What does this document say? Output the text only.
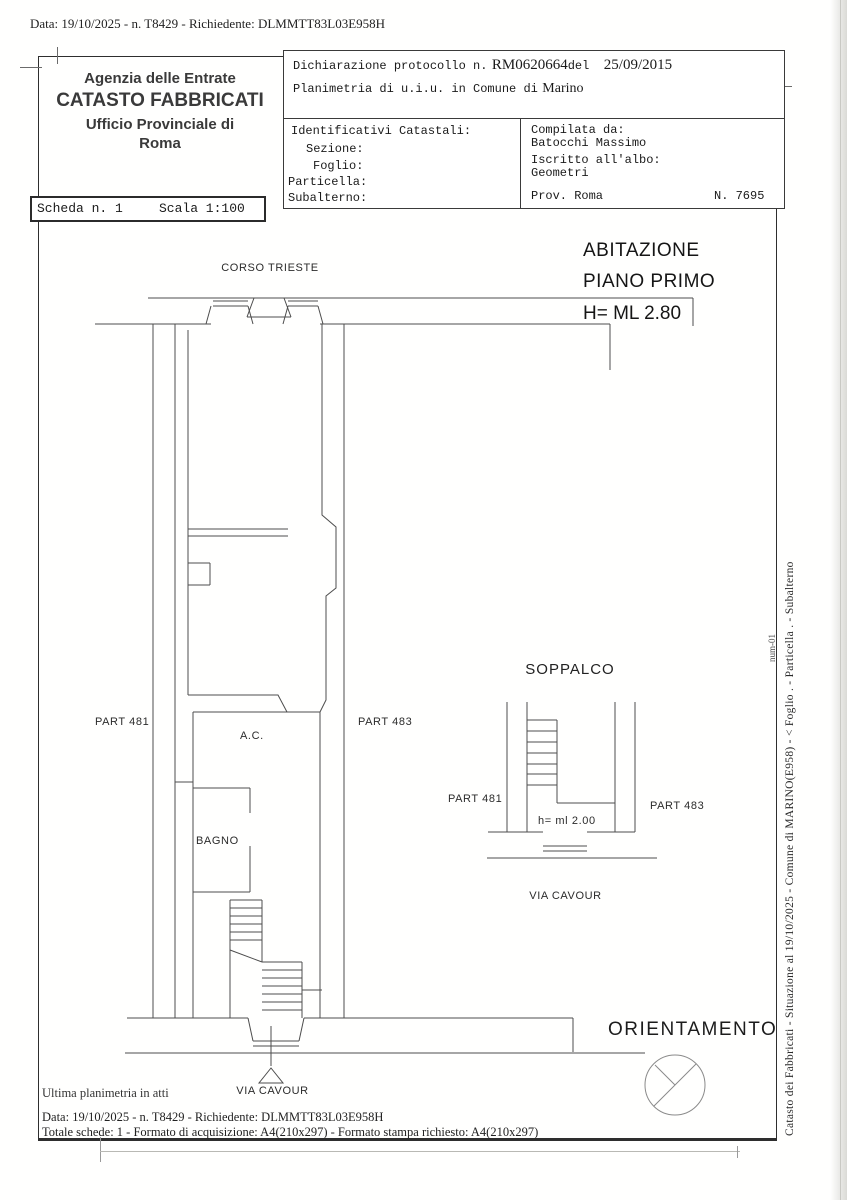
Data: 19/10/2025 - n. T8429 - Richiedente: DLMMTT83L03E958H
Agenzia delle Entrate
CATASTO FABBRICATI
Ufficio Provinciale di
Roma
Scheda n. 1	Scala 1:100
Dichiarazione protocollo n. RM0620664del 25/09/2015
Planimetria di u.i.u. in Comune di Marino
Identificativi Catastali:
Sezione:
Foglio:
Particella:
Subalterno:
Compilata da:
Batocchi Massimo
Iscritto all'albo:
Geometri
Prov. Roma	N. 7695
ABITAZIONE
PIANO PRIMO
H= ML 2.80
CORSO TRIESTE
PART 481	PART 483
A.C.
BAGNO
VIA CAVOUR
SOPPALCO
PART 481
PART 483
h= ml 2.00
VIA CAVOUR
ORIENTAMENTO
Ultima planimetria in atti
Data: 19/10/2025 - n. T8429 - Richiedente: DLMMTT83L03E958H
Totale schede: 1 - Formato di acquisizione: A4(210x297) - Formato stampa richiesto: A4(210x297)	Catasto dei Fabbricati - Situazione al 19/10/2025 - Comune di MARINO(E958) - < Foglio . - Particella . - Subalterno
num-01
